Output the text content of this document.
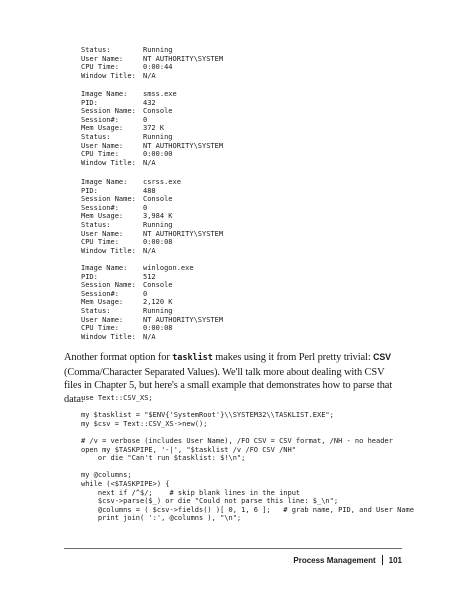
Status:	Running
User Name:	NT AUTHORITY\SYSTEM
CPU Time:	0:00:44
Window Title:	N/A
Image Name:	smss.exe
PID:	432
Session Name:	Console
Session#:	0
Mem Usage:	372 K
Status:	Running
User Name:	NT AUTHORITY\SYSTEM
CPU Time:	0:00:00
Window Title:	N/A
Image Name:	csrss.exe
PID:	488
Session Name:	Console
Session#:	0
Mem Usage:	3,984 K
Status:	Running
User Name:	NT AUTHORITY\SYSTEM
CPU Time:	0:00:08
Window Title:	N/A
Image Name:	winlogon.exe
PID:	512
Session Name:	Console
Session#:	0
Mem Usage:	2,120 K
Status:	Running
User Name:	NT AUTHORITY\SYSTEM
CPU Time:	0:00:08
Window Title:	N/A
Another format option for tasklist makes using it from Perl pretty trivial: CSV (Comma/Character Separated Values). We'll talk more about dealing with CSV files in Chapter 5, but here's a small example that demonstrates how to parse that data:
use Text::CSV_XS;
my $tasklist = "$ENV{'SystemRoot'}\\SYSTEM32\\TASKLIST.EXE";
my $csv = Text::CSV_XS->new();
# /v = verbose (includes User Name), /FO CSV = CSV format, /NH - no header
open my $TASKPIPE, '-|', "$tasklist /v /FO CSV /NH"
or die "Can't run $tasklist: $!\n";
my @columns;
while (<$TASKPIPE>) {
next if /^$/;    # skip blank lines in the input
$csv->parse($_) or die "Could not parse this line: $_\n";
@columns = ( $csv->fields() )[ 0, 1, 6 ];   # grab name, PID, and User Name
print join( ':', @columns ), "\n";
Process Management 101
